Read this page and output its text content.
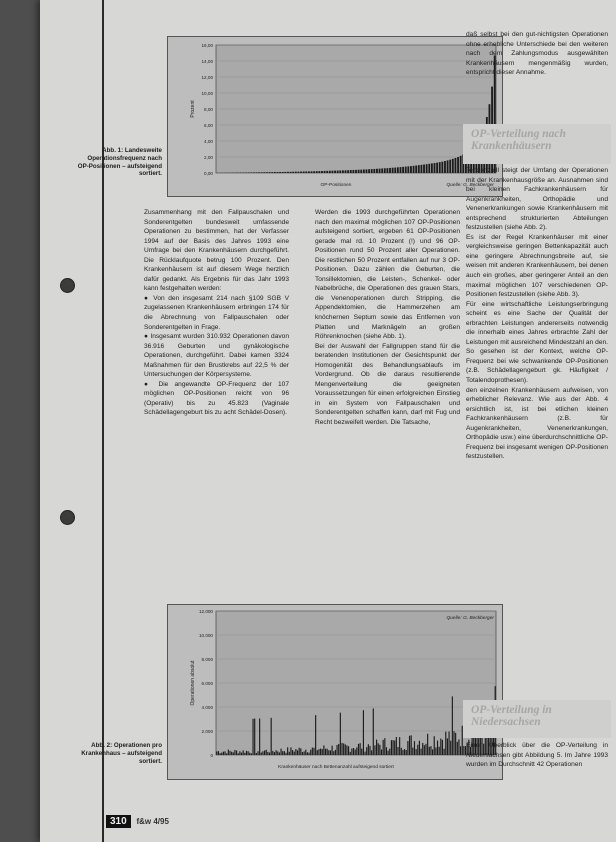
0,00
2,00
4,00
6,00
8,00
10,00
12,00
14,00
16,00
Prozent
OP-Positionen	Quelle: G. Beckberger
Abb. 1: Landesweite Operationsfrequenz nach OP-Positionen – aufsteigend sortiert.

Zusammenhang mit den Fallpauschalen und Sonderentgelten bundesweit umfassende Operationen zu bestimmen, hat der Verfasser 1994 auf der Basis des Jahres 1993 eine Umfrage bei den Krankenhäusern durchgeführt. Die Rücklaufquote betrug 100 Prozent. Den Krankenhäusern ist auf diesem Wege herzlich dafür gedankt. Als Ergebnis für das Jahr 1993 kann festgehalten werden:

● Von den insgesamt 214 nach §109 SGB V zugelassenen Krankenhäusern erbringen 174 für die Abrechnung von Fallpauschalen oder Sonderentgelten in Frage.

● Insgesamt wurden 310.932 Operationen davon 36.916 Geburten und gynäkologische Operationen, durchgeführt. Dabei kamen 3324 Maßnahmen für den Brustkrebs auf 22,5 % der Untersuchungen der Körpersysteme.

● Die angewandte OP-Frequenz der 107 möglichen OP-Positionen reicht von 96 (Operativ) bis zu 45.823 (Vaginale Schädellagengeburt bis zu acht Schädel-Dosen).

Werden die 1993 durchgeführten Operationen nach den maximal möglichen 107 OP-Positionen aufsteigend sortiert, ergeben 61 OP-Positionen gerade mal rd. 10 Prozent (!) und 96 OP-Positionen rund 50 Prozent aller Operationen. Die restlichen 50 Prozent entfallen auf nur 3 OP-Positionen. Dazu zählen die Geburten, die Tonsillektomien, die Leisten-, Schenkel- oder Nabelbrüche, die Operationen des grauen Stars, die Venenoperationen durch Stripping, die Appendektomien, die Hammerzehen am knöchernen Septum sowie das Entfernen von Platten und Marknägeln an großen Röhrenknochen (siehe Abb. 1).

Bei der Auswahl der Fallgruppen stand für die beratenden Institutionen der Gesichtspunkt der Homogenität des Behandlungsablaufs im Vordergrund. Ob die daraus resultierende Mengenverteilung die geeigneten Voraussetzungen für einen erfolgreichen Einstieg in ein System von Fallpauschalen und Sonderentgelten schaffen kann, darf mit Fug und Recht bezweifelt werden. Die Tatsache,

0
2.000
4.000
6.000
8.000
10.000
12.000
Operationen absolut
Krankenhäuser nach Bettenanzahl aufsteigend sortiert
Quelle: G. Beckberger
Abb. 2: Operationen pro Krankenhaus – aufsteigend sortiert.

daß selbst bei den gut-nichtigsten Operationen ohne erhebliche Unterschiede bei den weiteren nach dem Zahlungsmodus ausgewählten Krankenhäusern mengenmäßig wurden, entspricht dieser Annahme.

OP-Verteilung nach Krankenhäusern

Tendenziell steigt der Umfang der Operationen mit der Krankenhausgröße an. Ausnahmen sind bei kleinen Fachkrankenhäusern für Augenkrankheiten, Orthopädie und Venenerkrankungen sowie Krankenhäusern mit entsprechend strukturierten Abteilungen festzustellen (siehe Abb. 2).

Es ist der Regel Krankenhäuser mit einer vergleichsweise geringen Bettenkapazität auch eine geringere Abrechnungsbreite auf, sie weisen mit anderen Krankenhäusern, bei denen auch ein großes, aber geringerer Anteil an den maximal möglichen 107 verschiedenen OP-Positionen festzustellen (siehe Abb. 3).

Für eine wirtschaftliche Leistungserbringung scheint es eine Sache der Qualität der erbrachten Leistungen andererseits notwendig die innerhalb eines Jahres erbrachte Zahl der Leistungen mit ausreichend Mindestzahl an den. So gesehen ist der Kontext, welche OP-Frequenz bei wie schwankende OP-Positionen (z.B. Schädellagengeburt gk. Häufigkeit / Totalendoprothesen).

den einzelnen Krankenhäusern aufweisen, von erheblicher Relevanz. Wie aus der Abb. 4 ersichtlich ist, ist bei etlichen kleinen Fachkrankenhäusern (z.B. für Augenkrankheiten, Venenerkrankungen, Orthopädie usw.) eine überdurchschnittliche OP-Frequenz bei insgesamt wenigen OP-Positionen festzustellen.

OP-Verteilung in Niedersachsen

Einen Überblick über die OP-Verteilung in Niedersachsen gibt Abbildung 5. Im Jahre 1993 wurden im Durchschnitt 42 Operationen

310 f&w 4/95
